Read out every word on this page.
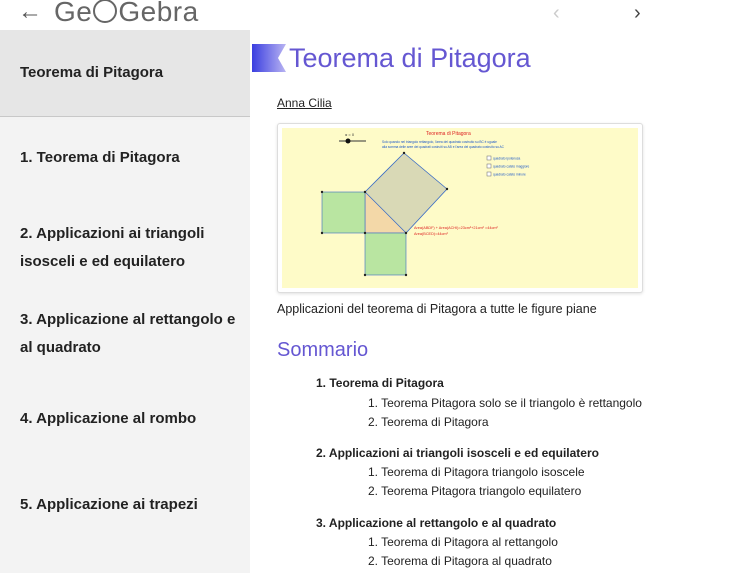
← Ge Gebra	‹	›
Teorema di Pitagora
1. Teorema di Pitagora
2. Applicazioni ai triangoli isosceli e ed equilatero
3. Applicazione al rettangolo e al quadrato
4. Applicazione al rombo
5. Applicazione ai trapezi
Teorema di Pitagora
Anna Cilia
α = 0	Teorema di Pitagora
Solo quando nel triangolo rettangolo, l'area del quadrato costruito su BC è uguale
alla somma delle aree dei quadrati costruiti su AB e l'area del quadrato costruito su AC
quadrato ipotenusa
quadrato cateto maggiore
quadrato cateto minore
Area(ABDF) + Area(ACHI)=23cm²+21cm² =44cm²
Area(BCED)=44cm²
Applicazioni del teorema di Pitagora a tutte le figure piane
Sommario
1. Teorema di Pitagora
1. Teorema Pitagora solo se il triangolo è rettangolo
2. Teorema di Pitagora
2. Applicazioni ai triangoli isosceli e ed equilatero
1. Teorema di Pitagora triangolo isoscele
2. Teorema Pitagora triangolo equilatero
3. Applicazione al rettangolo e al quadrato
1. Teorema di Pitagora al rettangolo
2. Teorema di Pitagora al quadrato
